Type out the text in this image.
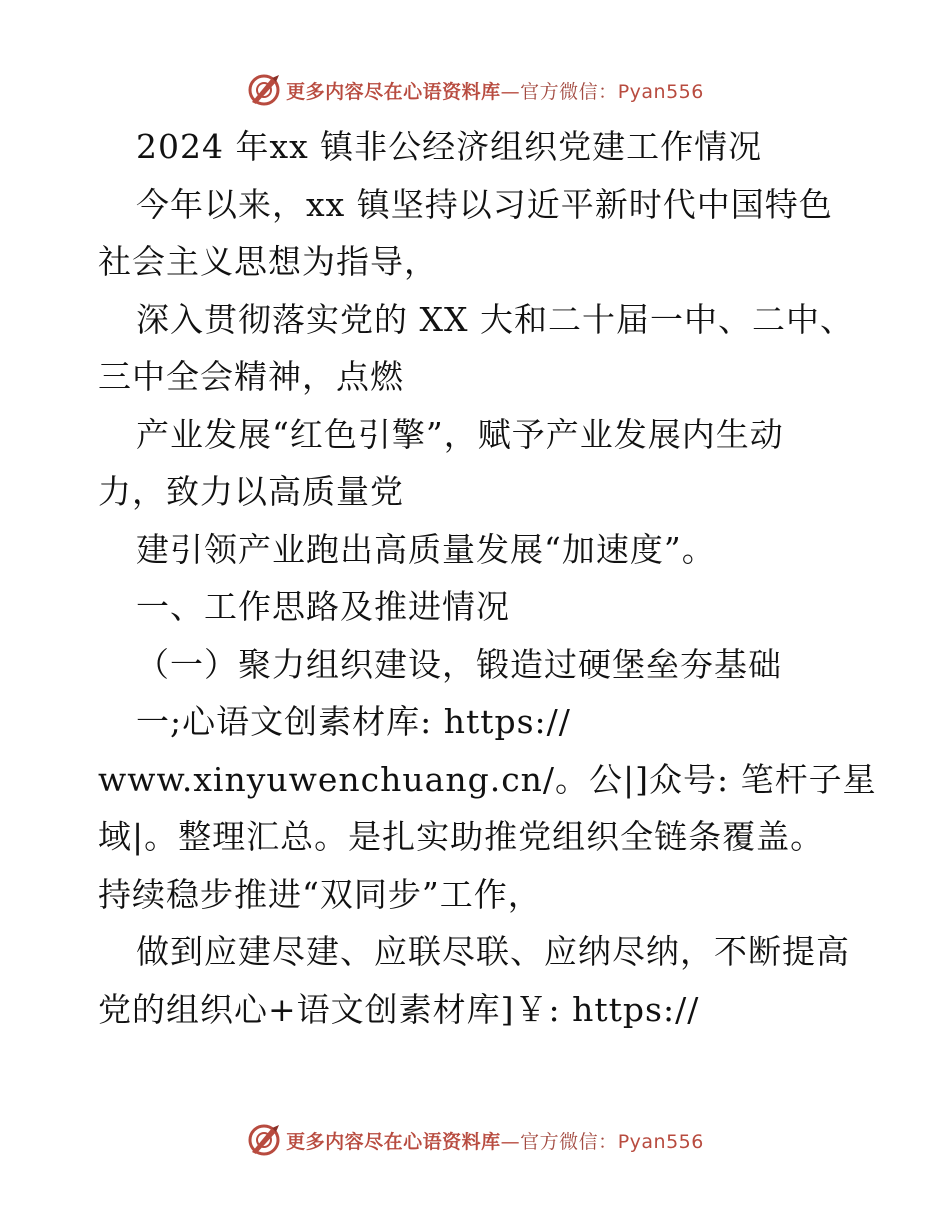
更多内容尽在心语资料库—官方微信：Pyan556
2024 年xx 镇非公经济组织党建工作情况
今年以来，xx 镇坚持以习近平新时代中国特色
社会主义思想为指导，
深入贯彻落实党的 XX 大和二十届一中、二中、
三中全会精神，点燃
产业发展“红色引擎”，赋予产业发展内生动
力，致力以高质量党
建引领产业跑出高质量发展“加速度”。
一、工作思路及推进情况
（一）聚力组织建设，锻造过硬堡垒夯基础
一;心语文创素材库: https://
www.xinyuwenchuang.cn/。公|]众号: 笔杆子星
域|。整理汇总。是扎实助推党组织全链条覆盖。
持续稳步推进“双同步”工作，
做到应建尽建、应联尽联、应纳尽纳，不断提高
党的组织心+语文创素材库]￥: https://
更多内容尽在心语资料库—官方微信：Pyan556
